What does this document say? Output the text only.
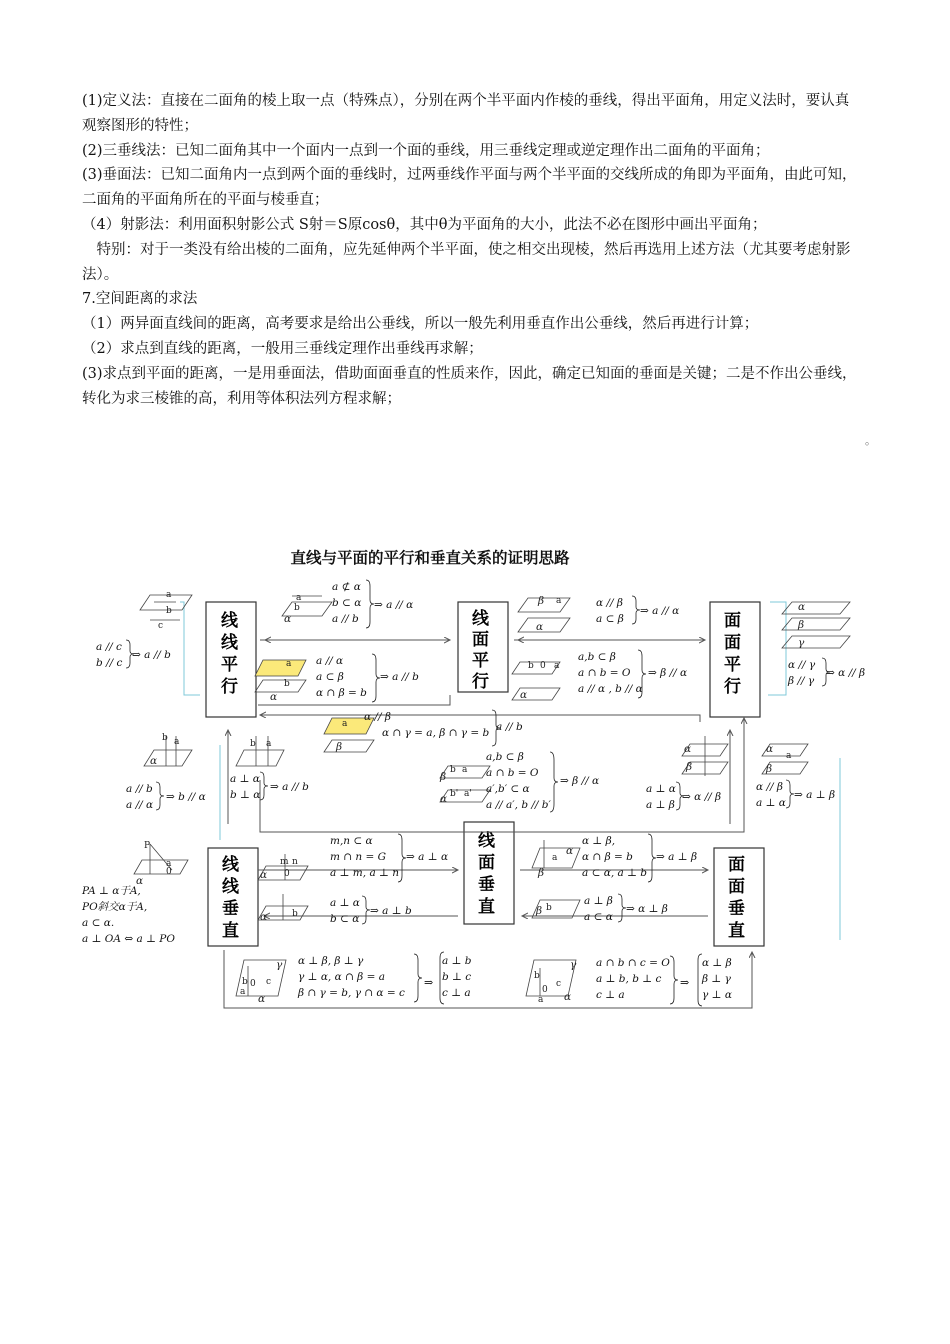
(1)定义法：直接在二面角的棱上取一点（特殊点），分别在两个半平面内作棱的垂线，得出平面角，用定义法时，要认真观察图形的特性；

(2)三垂线法：已知二面角其中一个面内一点到一个面的垂线，用三垂线定理或逆定理作出二面角的平面角；

(3)垂面法：已知二面角内一点到两个面的垂线时，过两垂线作平面与两个半平面的交线所成的角即为平面角，由此可知，二面角的平面角所在的平面与棱垂直；

（4）射影法：利用面积射影公式 S射＝S原cosθ，其中θ为平面角的大小，此法不必在图形中画出平面角；

　特别：对于一类没有给出棱的二面角，应先延伸两个半平面，使之相交出现棱，然后再选用上述方法（尤其要考虑射影法）。

7.空间距离的求法

（1）两异面直线间的距离，高考要求是给出公垂线，所以一般先利用垂直作出公垂线，然后再进行计算；

（2）求点到直线的距离，一般用三垂线定理作出垂线再求解；

(3)求点到平面的距离，一是用垂面法，借助面面垂直的性质来作，因此，确定已知面的垂面是关键；二是不作出公垂线，转化为求三棱锥的高，利用等体积法列方程求解；

。
直线与平面的平行和垂直关系的证明思路
线
线
平
行
线
面
平
行
面
面
平
行
线
线
垂
直
线
面
垂
直
面
面
垂
直
a
b
c
a
b
α
a
β
α
a
b
α
0
b a
α
a
β
α
β
γ
b a
α
b a
b a
β
b' a'
α
β
α
a
α
β
P
a
0
α
m n
0
α
b
α
α
a
β
b
β
γ
b 0 c
a
α
γ
b
0
c
a α
a ⊄ α
b ⊂ α
a // b
⇒ a // α	α // β
a ⊂ β
⇒ a // α
a // c
b // c
⇒ a // b	a // α
a ⊂ β
α ∩ β = b
⇒ a // b
a,b ⊂ β
a ∩ b = O
a // α , b // α
⇒ β // α
α // γ
β // γ
⇒ α // β
α // β
α ∩ γ = a, β ∩ γ = b a // b
a // b
a // α
⇒ b // α
a ⊥ α
b ⊥ α
⇒ a // b
a,b ⊂ β
a ∩ b = O
a′,b′ ⊂ α
a // a′, b // b′
⇒ β // α
a ⊥ α
a ⊥ β
⇒ α // β
α // β
a ⊥ α
⇒ a ⊥ β
m,n ⊂ α
m ∩ n = G
a ⊥ m, a ⊥ n
⇒ a ⊥ α
α ⊥ β,
α ∩ β = b
a ⊂ α, a ⊥ b
⇒ a ⊥ β
a ⊥ α
b ⊂ α
⇒ a ⊥ b
a ⊥ β
a ⊂ α
⇒ α ⊥ β
PA ⊥ α于A,
PO斜交α于A,
a ⊂ α.
a ⊥ OA ⇔ a ⊥ PO
α ⊥ β, β ⊥ γ
γ ⊥ α, α ∩ β = a
β ∩ γ = b, γ ∩ α = c
a ⊥ b
b ⊥ c
c ⊥ a
a ∩ b ∩ c = O
a ⊥ b, b ⊥ c
c ⊥ a
α ⊥ β
β ⊥ γ
γ ⊥ α
⇒	⇒
